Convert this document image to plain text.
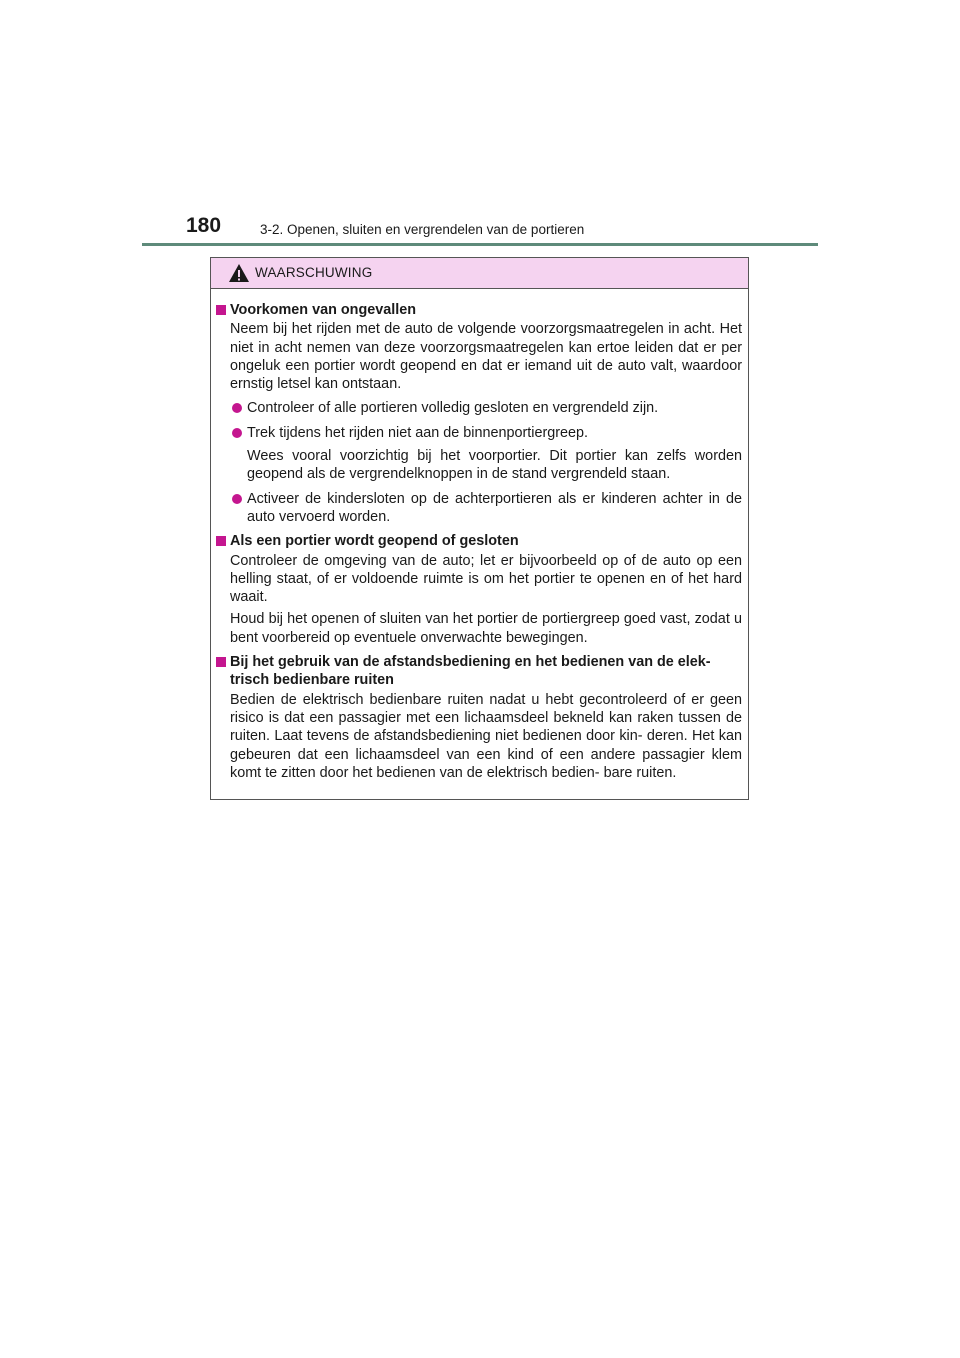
180	3-2. Openen, sluiten en vergrendelen van de portieren
WAARSCHUWING
Voorkomen van ongevallen
Neem bij het rijden met de auto de volgende voorzorgsmaatregelen in acht. Het niet in acht nemen van deze voorzorgsmaatregelen kan ertoe leiden dat er per ongeluk een portier wordt geopend en dat er iemand uit de auto valt, waardoor ernstig letsel kan ontstaan.
Controleer of alle portieren volledig gesloten en vergrendeld zijn.
Trek tijdens het rijden niet aan de binnenportiergreep.
Wees vooral voorzichtig bij het voorportier. Dit portier kan zelfs worden geopend als de vergrendelknoppen in de stand vergrendeld staan.
Activeer de kindersloten op de achterportieren als er kinderen achter in de auto vervoerd worden.
Als een portier wordt geopend of gesloten
Controleer de omgeving van de auto; let er bijvoorbeeld op of de auto op een helling staat, of er voldoende ruimte is om het portier te openen en of het hard waait.
Houd bij het openen of sluiten van het portier de portiergreep goed vast, zodat u bent voorbereid op eventuele onverwachte bewegingen.
Bij het gebruik van de afstandsbediening en het bedienen van de elek- trisch bedienbare ruiten
Bedien de elektrisch bedienbare ruiten nadat u hebt gecontroleerd of er geen risico is dat een passagier met een lichaamsdeel bekneld kan raken tussen de ruiten. Laat tevens de afstandsbediening niet bedienen door kin- deren. Het kan gebeuren dat een lichaamsdeel van een kind of een andere passagier klem komt te zitten door het bedienen van de elektrisch bedien- bare ruiten.
